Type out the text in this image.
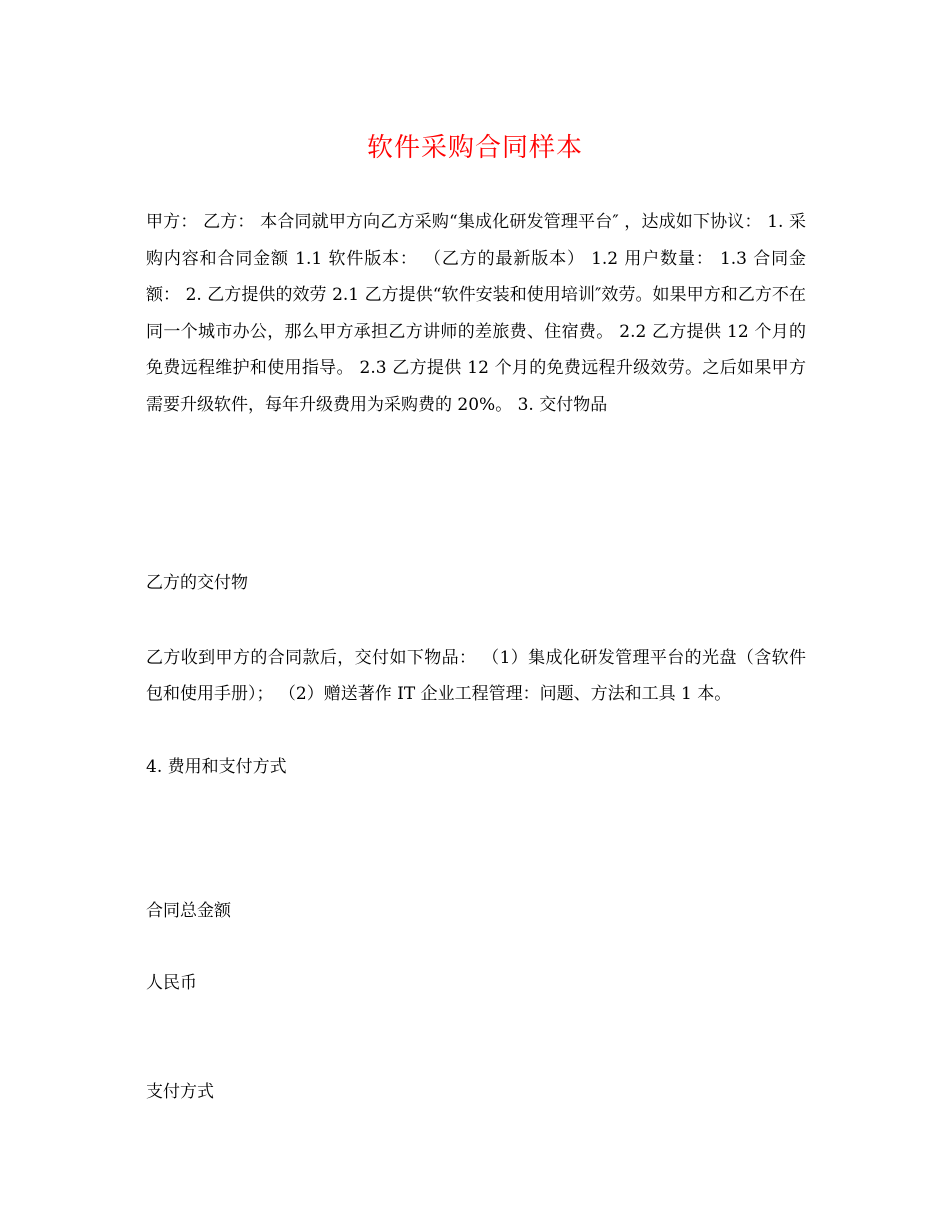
软件采购合同样本

甲方： 乙方： 本合同就甲方向乙方采购“集成化研发管理平台″ ，达成如下协议： 1. 采购内容和合同金额 1.1 软件版本： （乙方的最新版本） 1.2 用户数量： 1.3 合同金额： 2. 乙方提供的效劳 2.1 乙方提供“软件安装和使用培训″效劳。如果甲方和乙方不在同一个城市办公，那么甲方承担乙方讲师的差旅费、住宿费。 2.2 乙方提供 12 个月的免费远程维护和使用指导。 2.3 乙方提供 12 个月的免费远程升级效劳。之后如果甲方需要升级软件，每年升级费用为采购费的 20%。 3. 交付物品

乙方的交付物

乙方收到甲方的合同款后，交付如下物品： （1）集成化研发管理平台的光盘（含软件包和使用手册）； （2）赠送著作 IT 企业工程管理：问题、方法和工具 1 本。

4. 费用和支付方式

合同总金额

人民币

支付方式
